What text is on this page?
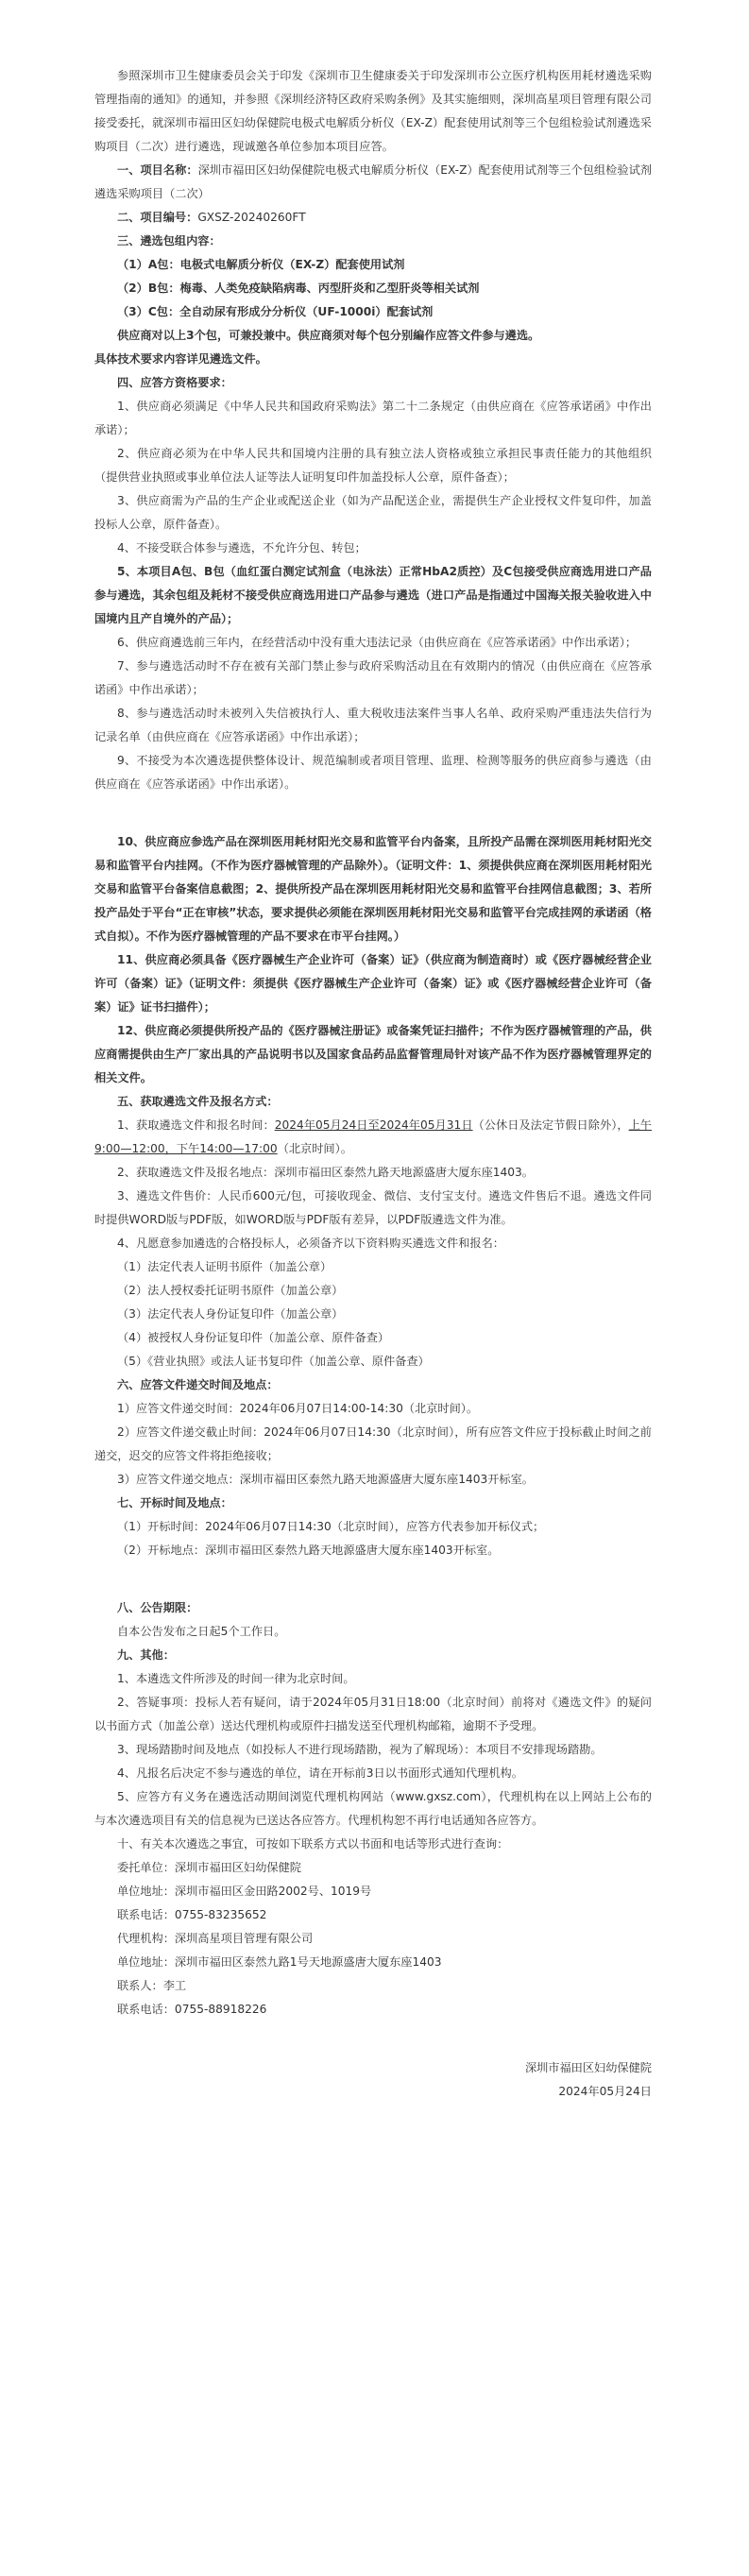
参照深圳市卫生健康委员会关于印发《深圳市卫生健康委关于印发深圳市公立医疗机构医用耗材遴选采购管理指南的通知》的通知，并参照《深圳经济特区政府采购条例》及其实施细则，深圳高星项目管理有限公司接受委托，就深圳市福田区妇幼保健院电极式电解质分析仪（EX-Z）配套使用试剂等三个包组检验试剂遴选采购项目（二次）进行遴选，现诚邀各单位参加本项目应答。
一、项目名称：深圳市福田区妇幼保健院电极式电解质分析仪（EX-Z）配套使用试剂等三个包组检验试剂遴选采购项目（二次）
二、项目编号：GXSZ-20240260FT
三、遴选包组内容：
（1）A包：电极式电解质分析仪（EX-Z）配套使用试剂
（2）B包：梅毒、人类免疫缺陷病毒、丙型肝炎和乙型肝炎等相关试剂
（3）C包：全自动尿有形成分分析仪（UF-1000i）配套试剂
供应商对以上3个包，可兼投兼中。供应商须对每个包分别編作应答文件参与遴选。
具体技术要求内容详见遴选文件。
四、应答方资格要求：
1、供应商必须满足《中华人民共和国政府采购法》第二十二条规定（由供应商在《应答承诺函》中作出承诺）；
2、供应商必须为在中华人民共和国境内注册的具有独立法人资格或独立承担民事责任能力的其他组织（提供营业执照或事业单位法人证等法人证明复印件加盖投标人公章，原件备查）；
3、供应商需为产品的生产企业或配送企业（如为产品配送企业，需提供生产企业授权文件复印件，加盖投标人公章，原件备查）。
4、不接受联合体参与遴选，不允许分包、转包；
5、本项目A包、B包（血红蛋白测定试剂盒（电泳法）正常HbA2质控）及C包接受供应商选用进口产品参与遴选，其余包组及耗材不接受供应商选用进口产品参与遴选（进口产品是指通过中国海关报关验收进入中国境内且产自境外的产品）；
6、供应商遴选前三年内，在经营活动中没有重大违法记录（由供应商在《应答承诺函》中作出承诺）；
7、参与遴选活动时不存在被有关部门禁止参与政府采购活动且在有效期内的情况（由供应商在《应答承诺函》中作出承诺）；
8、参与遴选活动时未被列入失信被执行人、重大税收违法案件当事人名单、政府采购严重违法失信行为记录名单（由供应商在《应答承诺函》中作出承诺）；
9、不接受为本次遴选提供整体设计、规范编制或者项目管理、监理、检测等服务的供应商参与遴选（由供应商在《应答承诺函》中作出承诺）。
10、供应商应参选产品在深圳医用耗材阳光交易和监管平台内备案，且所投产品需在深圳医用耗材阳光交易和监管平台内挂网。（不作为医疗器械管理的产品除外）。（证明文件：1、须提供供应商在深圳医用耗材阳光交易和监管平台备案信息截图；2、提供所投产品在深圳医用耗材阳光交易和监管平台挂网信息截图；3、若所投产品处于平台“正在审核”状态，要求提供必须能在深圳医用耗材阳光交易和监管平台完成挂网的承诺函（格式自拟）。不作为医疗器械管理的产品不要求在市平台挂网。）
11、供应商必须具备《医疗器械生产企业许可（备案）证》（供应商为制造商时）或《医疗器械经营企业许可（备案）证》（证明文件：须提供《医疗器械生产企业许可（备案）证》或《医疗器械经营企业许可（备案）证》证书扫描件）；
12、供应商必须提供所投产品的《医疗器械注册证》或备案凭证扫描件；不作为医疗器械管理的产品，供应商需提供由生产厂家出具的产品说明书以及国家食品药品监督管理局针对该产品不作为医疗器械管理界定的相关文件。
五、获取遴选文件及报名方式：
1、获取遴选文件和报名时间：2024年05月24日至2024年05月31日（公休日及法定节假日除外），上午9:00—12:00，下午14:00—17:00（北京时间）。
2、获取遴选文件及报名地点：深圳市福田区泰然九路天地源盛唐大厦东座1403。
3、遴选文件售价：人民币600元/包，可接收现金、微信、支付宝支付。遴选文件售后不退。遴选文件同时提供WORD版与PDF版，如WORD版与PDF版有差异，以PDF版遴选文件为准。
4、凡愿意参加遴选的合格投标人，必须备齐以下资料购买遴选文件和报名：
（1）法定代表人证明书原件（加盖公章）
（2）法人授权委托证明书原件（加盖公章）
（3）法定代表人身份证复印件（加盖公章）
（4）被授权人身份证复印件（加盖公章、原件备查）
（5）《营业执照》或法人证书复印件（加盖公章、原件备查）
六、应答文件递交时间及地点：
1）应答文件递交时间：2024年06月07日14:00-14:30（北京时间）。
2）应答文件递交截止时间：2024年06月07日14:30（北京时间），所有应答文件应于投标截止时间之前递交，迟交的应答文件将拒绝接收；
3）应答文件递交地点：深圳市福田区泰然九路天地源盛唐大厦东座1403开标室。
七、开标时间及地点：
（1）开标时间：2024年06月07日14:30（北京时间），应答方代表参加开标仪式；
（2）开标地点：深圳市福田区泰然九路天地源盛唐大厦东座1403开标室。
八、公告期限：
自本公告发布之日起5个工作日。
九、其他：
1、本遴选文件所涉及的时间一律为北京时间。
2、答疑事项：投标人若有疑问，请于2024年05月31日18:00（北京时间）前将对《遴选文件》的疑问以书面方式（加盖公章）送达代理机构或原件扫描发送至代理机构邮箱，逾期不予受理。
3、现场踏勘时间及地点（如投标人不进行现场踏勘，视为了解现场）：本项目不安排现场踏勘。
4、凡报名后决定不参与遴选的单位，请在开标前3日以书面形式通知代理机构。
5、应答方有义务在遴选活动期间浏览代理机构网站（www.gxsz.com），代理机构在以上网站上公布的与本次遴选项目有关的信息视为已送达各应答方。代理机构恕不再行电话通知各应答方。
十、有关本次遴选之事宜，可按如下联系方式以书面和电话等形式进行查询：
委托单位：深圳市福田区妇幼保健院
单位地址：深圳市福田区金田路2002号、1019号
联系电话：0755-83235652
代理机构：深圳高星项目管理有限公司
单位地址：深圳市福田区泰然九路1号天地源盛唐大厦东座1403
联系人：李工
联系电话：0755-88918226
深圳市福田区妇幼保健院
2024年05月24日
